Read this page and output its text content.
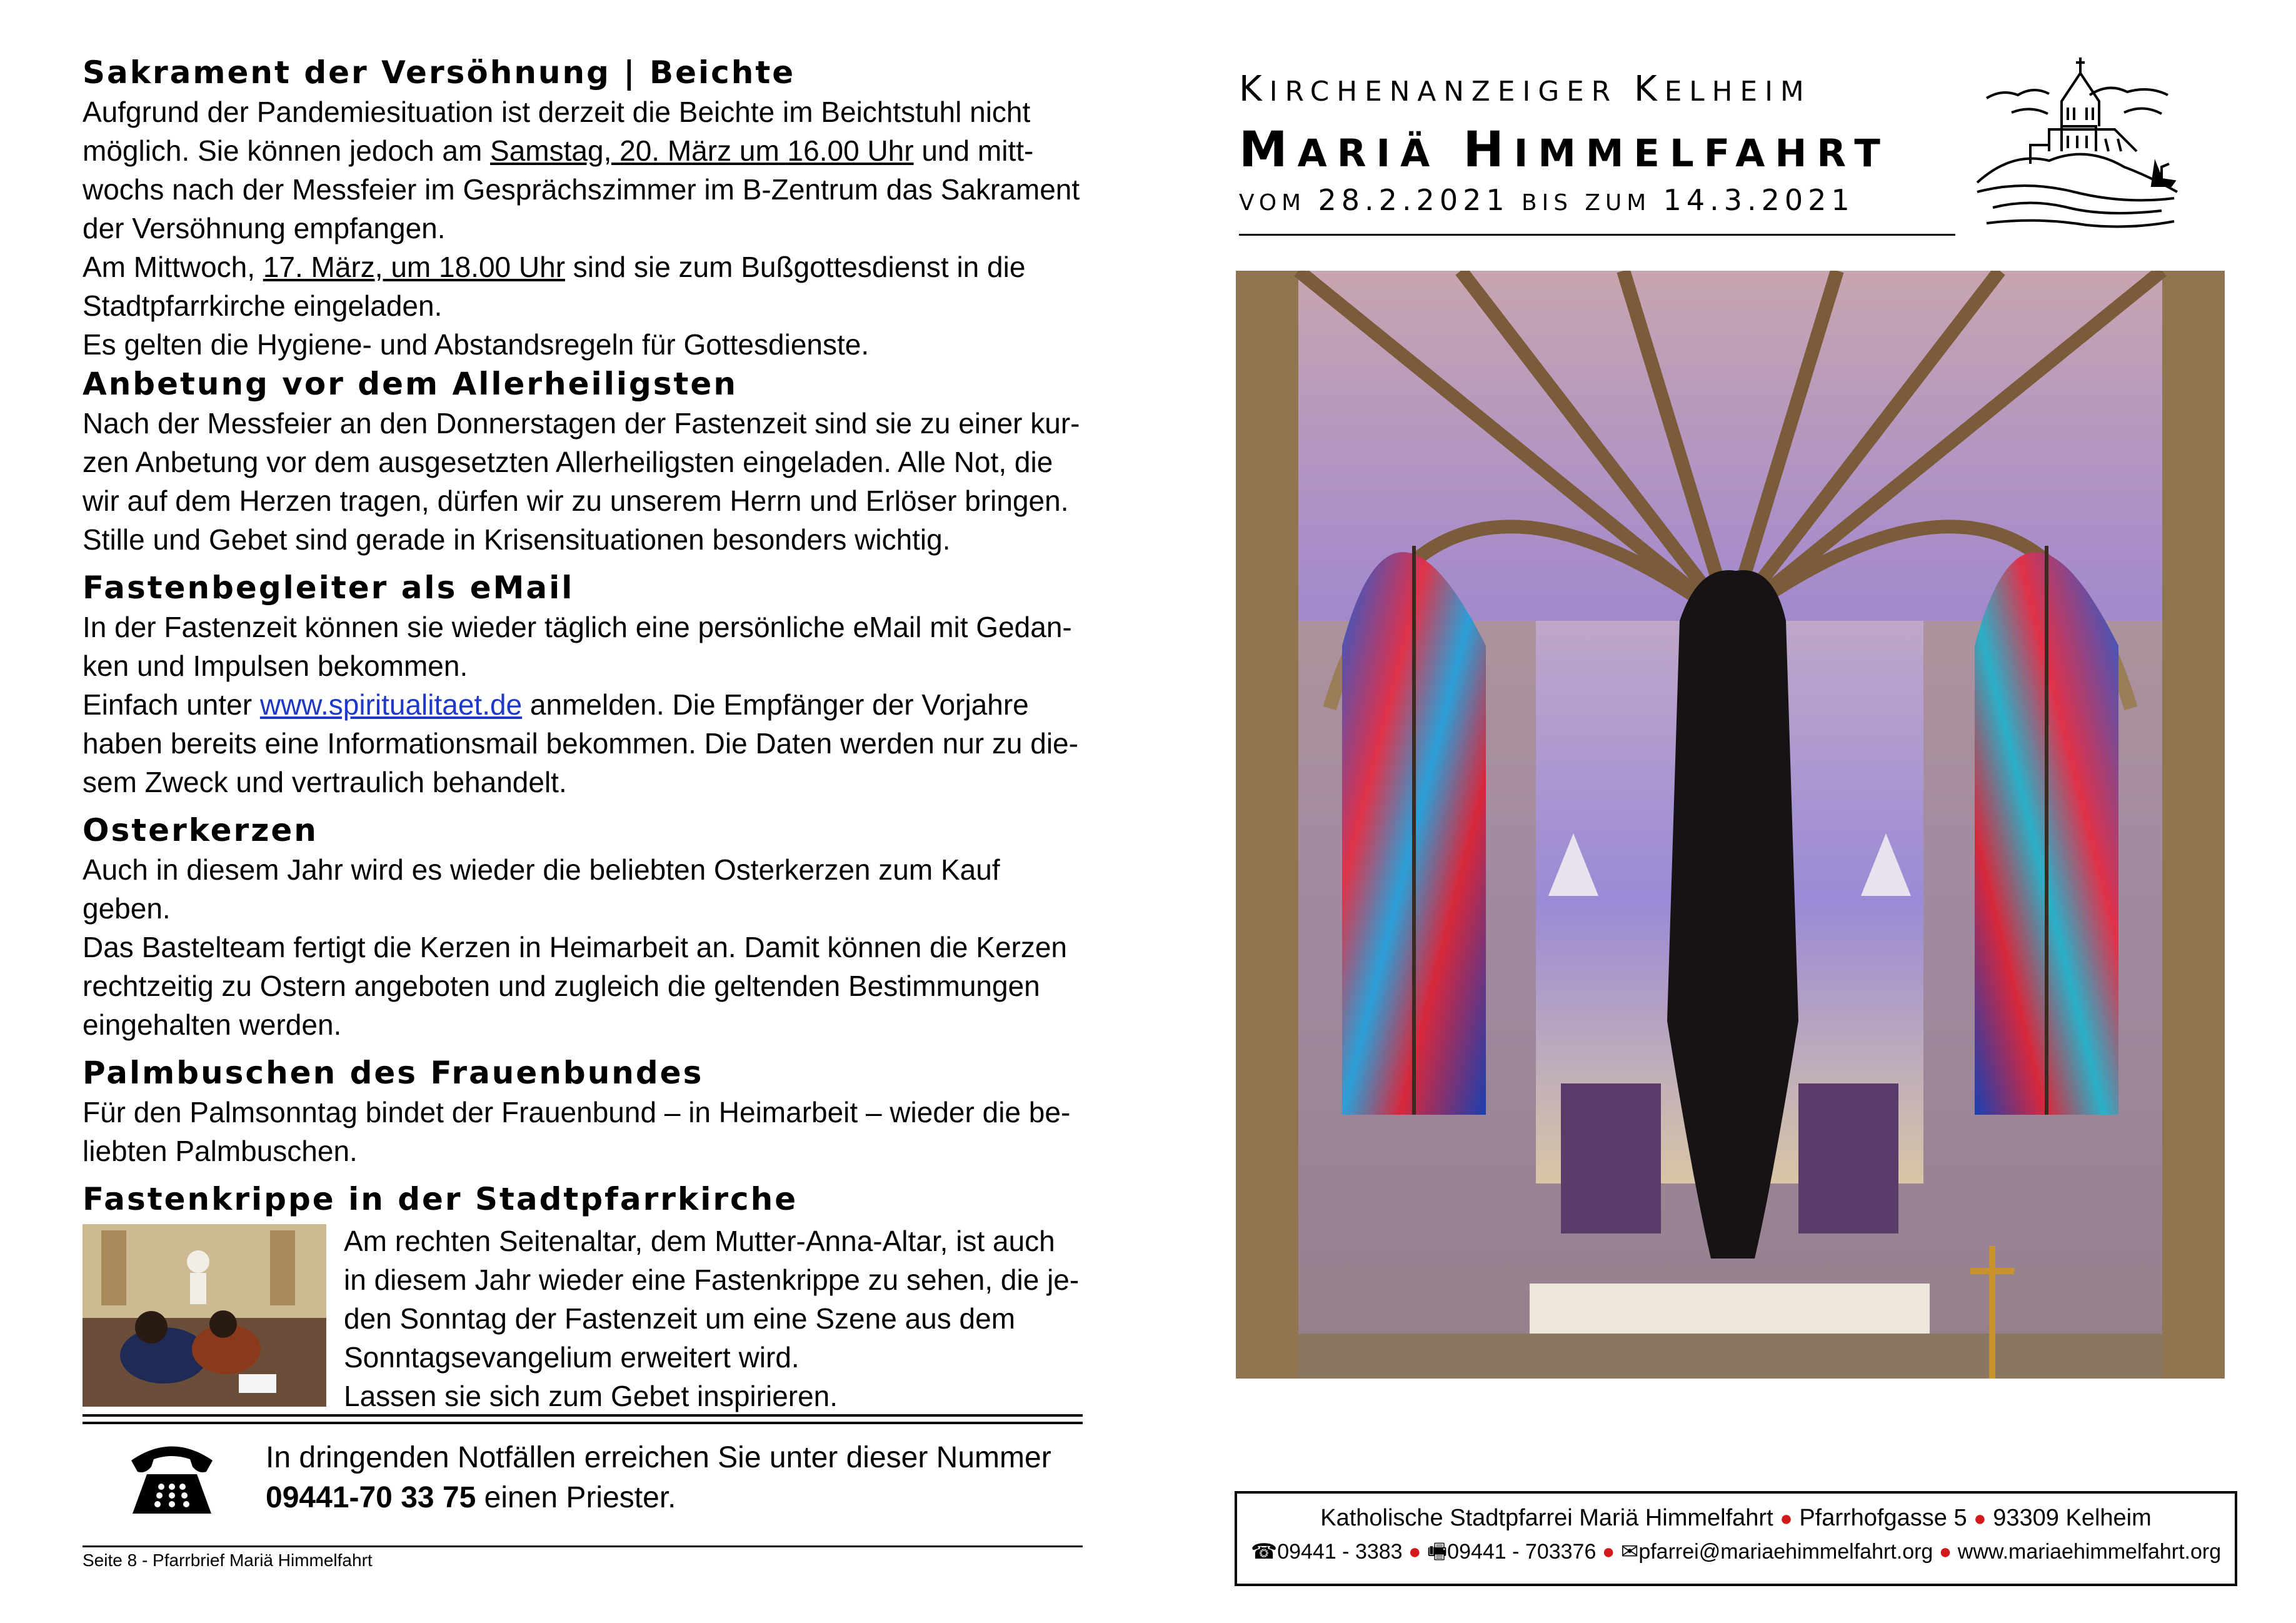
Sakrament der Versöhnung | Beichte

Aufgrund der Pandemiesituation ist derzeit die Beichte im Beichtstuhl nicht
möglich. Sie können jedoch am Samstag, 20. März um 16.00 Uhr und mitt-
wochs nach der Messfeier im Gesprächszimmer im B-Zentrum das Sakrament
der Versöhnung empfangen.

Am Mittwoch, 17. März, um 18.00 Uhr sind sie zum Bußgottesdienst in die
Stadtpfarrkirche eingeladen.

Es gelten die Hygiene- und Abstandsregeln für Gottesdienste.

Anbetung vor dem Allerheiligsten

Nach der Messfeier an den Donnerstagen der Fastenzeit sind sie zu einer kur-
zen Anbetung vor dem ausgesetzten Allerheiligsten eingeladen. Alle Not, die
wir auf dem Herzen tragen, dürfen wir zu unserem Herrn und Erlöser bringen.
Stille und Gebet sind gerade in Krisensituationen besonders wichtig.

Fastenbegleiter als eMail

In der Fastenzeit können sie wieder täglich eine persönliche eMail mit Gedan-
ken und Impulsen bekommen.

Einfach unter www.spiritualitaet.de anmelden. Die Empfänger der Vorjahre
haben bereits eine Informationsmail bekommen. Die Daten werden nur zu die-
sem Zweck und vertraulich behandelt.

Osterkerzen

Auch in diesem Jahr wird es wieder die beliebten Osterkerzen zum Kauf geben.
Das Bastelteam fertigt die Kerzen in Heimarbeit an. Damit können die Kerzen
rechtzeitig zu Ostern angeboten und zugleich die geltenden Bestimmungen
eingehalten werden.

Palmbuschen des Frauenbundes

Für den Palmsonntag bindet der Frauenbund – in Heimarbeit – wieder die be-
liebten Palmbuschen.

Fastenkrippe in der Stadtpfarrkirche
Am rechten Seitenaltar, dem Mutter-Anna-Altar, ist auch
in diesem Jahr wieder eine Fastenkrippe zu sehen, die je-
den Sonntag der Fastenzeit um eine Szene aus dem
Sonntagsevangelium erweitert wird.
Lassen sie sich zum Gebet inspirieren.

In dringenden Notfällen erreichen Sie unter dieser Nummer

09441-70 33 75 einen Priester.

Seite 8 - Pfarrbrief Mariä Himmelfahrt
KIRCHENANZEIGER KELHEIM
MARIÄ HIMMELFAHRT
VOM 28.2.2021 BIS ZUM 14.3.2021
Katholische Stadtpfarrei Mariä Himmelfahrt ● Pfarrhofgasse 5 ● 93309 Kelheim
☎09441 - 3383 ● 🖷09441 - 703376 ● ✉pfarrei@mariaehimmelfahrt.org ● www.mariaehimmelfahrt.org
